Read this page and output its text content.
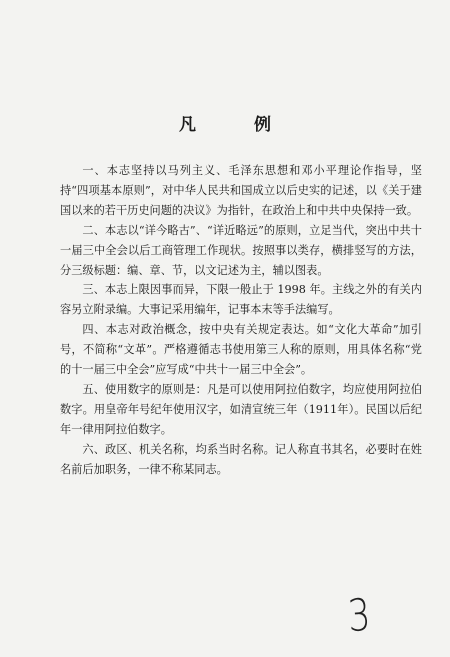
凡 例

一、本志坚持以马列主义、毛泽东思想和邓小平理论作指导，坚持“四项基本原则”，对中华人民共和国成立以后史实的记述，以《关于建国以来的若干历史问题的决议》为指针，在政治上和中共中央保持一致。

二、本志以“详今略古”、“详近略远”的原则，立足当代，突出中共十一届三中全会以后工商管理工作现状。按照事以类存，横排竖写的方法，分三级标题：编、章、节，以文记述为主，辅以图表。

三、本志上限因事而异，下限一般止于 1998 年。主线之外的有关内容另立附录编。大事记采用编年，记事本末等手法编写。

四、本志对政治概念，按中央有关规定表达。如“文化大革命”加引号，不简称“文革”。严格遵循志书使用第三人称的原则，用具体名称“党的十一届三中全会”应写成“中共十一届三中全会”。

五、使用数字的原则是：凡是可以使用阿拉伯数字，均应使用阿拉伯数字。用皇帝年号纪年使用汉字，如清宣统三年（1911年）。民国以后纪年一律用阿拉伯数字。

六、政区、机关名称，均系当时名称。记人称直书其名，必要时在姓名前后加职务，一律不称某同志。

3
